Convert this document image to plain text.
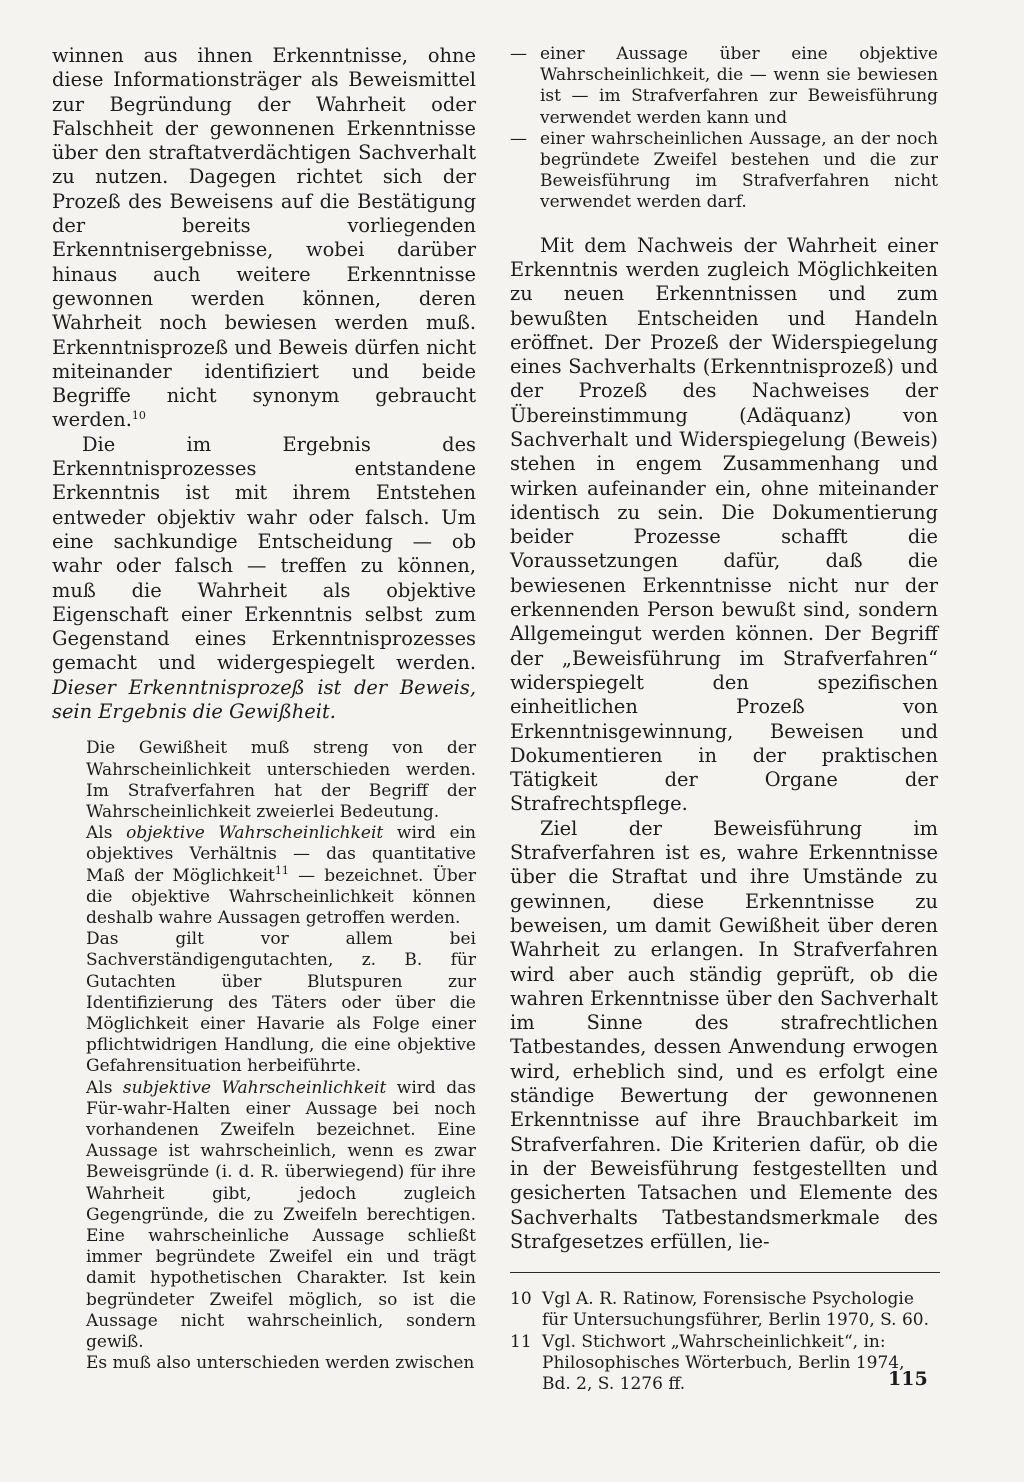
winnen aus ihnen Erkenntnisse, ohne diese Informationsträger als Beweismittel zur Begründung der Wahrheit oder Falschheit der gewonnenen Erkenntnisse über den straftatverdächtigen Sachverhalt zu nutzen. Dagegen richtet sich der Prozeß des Beweisens auf die Bestätigung der bereits vorliegenden Erkenntnisergebnisse, wobei darüber hinaus auch weitere Erkenntnisse gewonnen werden können, deren Wahrheit noch bewiesen werden muß. Erkenntnisprozeß und Beweis dürfen nicht miteinander identifiziert und beide Begriffe nicht synonym gebraucht werden.$^{10}$

Die im Ergebnis des Erkenntnisprozesses entstandene Erkenntnis ist mit ihrem Entstehen entweder objektiv wahr oder falsch. Um eine sachkundige Entscheidung — ob wahr oder falsch — treffen zu können, muß die Wahrheit als objektive Eigenschaft einer Erkenntnis selbst zum Gegenstand eines Erkenntnisprozesses gemacht und widergespiegelt werden. Dieser Erkenntnisprozeß ist der Beweis, sein Ergebnis die Gewißheit.

Die Gewißheit muß streng von der Wahrscheinlichkeit unterschieden werden. Im Strafverfahren hat der Begriff der Wahrscheinlichkeit zweierlei Bedeutung.

Als objektive Wahrscheinlichkeit wird ein objektives Verhältnis — das quantitative Maß der Möglichkeit$^{11}$ — bezeichnet. Über die objektive Wahrscheinlichkeit können deshalb wahre Aussagen getroffen werden.

Das gilt vor allem bei Sachverständigengutachten, z. B. für Gutachten über Blutspuren zur Identifizierung des Täters oder über die Möglichkeit einer Havarie als Folge einer pflichtwidrigen Handlung, die eine objektive Gefahrensituation herbeiführte.

Als subjektive Wahrscheinlichkeit wird das Für-wahr-Halten einer Aussage bei noch vorhandenen Zweifeln bezeichnet. Eine Aussage ist wahrscheinlich, wenn es zwar Beweisgründe (i. d. R. überwiegend) für ihre Wahrheit gibt, jedoch zugleich Gegengründe, die zu Zweifeln berechtigen. Eine wahrscheinliche Aussage schließt immer begründete Zweifel ein und trägt damit hypothetischen Charakter. Ist kein begründeter Zweifel möglich, so ist die Aussage nicht wahrscheinlich, sondern gewiß.

Es muß also unterschieden werden zwischen

— einer Aussage über eine objektive Wahrscheinlichkeit, die — wenn sie bewiesen ist — im Strafverfahren zur Beweisführung verwendet werden kann und
— einer wahrscheinlichen Aussage, an der noch begründete Zweifel bestehen und die zur Beweisführung im Strafverfahren nicht verwendet werden darf.

Mit dem Nachweis der Wahrheit einer Erkenntnis werden zugleich Möglichkeiten zu neuen Erkenntnissen und zum bewußten Entscheiden und Handeln eröffnet. Der Prozeß der Widerspiegelung eines Sachverhalts (Erkenntnisprozeß) und der Prozeß des Nachweises der Übereinstimmung (Adäquanz) von Sachverhalt und Widerspiegelung (Beweis) stehen in engem Zusammenhang und wirken aufeinander ein, ohne miteinander identisch zu sein. Die Dokumentierung beider Prozesse schafft die Voraussetzungen dafür, daß die bewiesenen Erkenntnisse nicht nur der erkennenden Person bewußt sind, sondern Allgemeingut werden können. Der Begriff der „Beweisführung im Strafverfahren“ widerspiegelt den spezifischen einheitlichen Prozeß von Erkenntnisgewinnung, Beweisen und Dokumentieren in der praktischen Tätigkeit der Organe der Strafrechtspflege.

Ziel der Beweisführung im Strafverfahren ist es, wahre Erkenntnisse über die Straftat und ihre Umstände zu gewinnen, diese Erkenntnisse zu beweisen, um damit Gewißheit über deren Wahrheit zu erlangen. In Strafverfahren wird aber auch ständig geprüft, ob die wahren Erkenntnisse über den Sachverhalt im Sinne des strafrechtlichen Tatbestandes, dessen Anwendung erwogen wird, erheblich sind, und es erfolgt eine ständige Bewertung der gewonnenen Erkenntnisse auf ihre Brauchbarkeit im Strafverfahren. Die Kriterien dafür, ob die in der Beweisführung festgestellten und gesicherten Tatsachen und Elemente des Sachverhalts Tatbestandsmerkmale des Strafgesetzes erfüllen, lie-

10 Vgl A. R. Ratinow, Forensische Psychologie für Untersuchungsführer, Berlin 1970, S. 60.
11 Vgl. Stichwort „Wahrscheinlichkeit“, in: Philosophisches Wörterbuch, Berlin 1974, Bd. 2, S. 1276 ff.	115
